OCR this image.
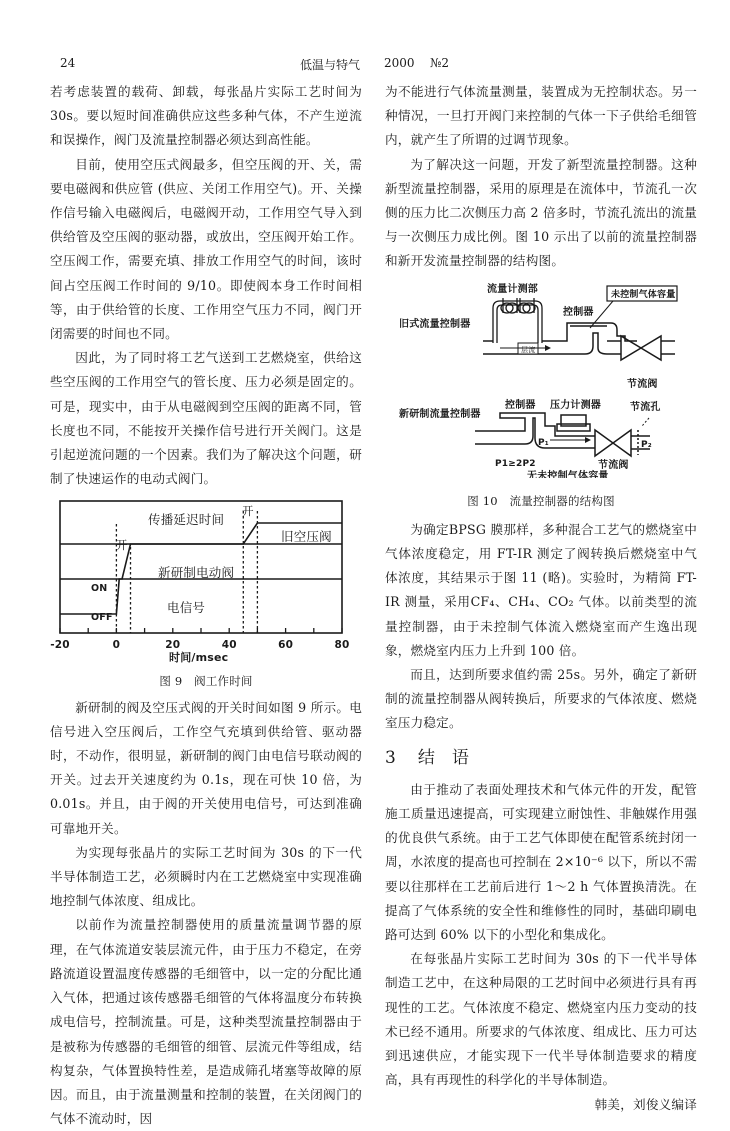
24	低温与特气 2000 №2

若考虑装置的载荷、卸载，每张晶片实际工艺时间为30s。要以短时间准确供应这些多种气体，不产生逆流和误操作，阀门及流量控制器必须达到高性能。

目前，使用空压式阀最多，但空压阀的开、关，需要电磁阀和供应管 (供应、关闭工作用空气)。开、关操作信号输入电磁阀后，电磁阀开动，工作用空气导入到供给管及空压阀的驱动器，或放出，空压阀开始工作。空压阀工作，需要充填、排放工作用空气的时间，该时间占空压阀工作时间的 9/10。即使阀本身工作时间相等，由于供给管的长度、工作用空气压力不同，阀门开闭需要的时间也不同。

因此，为了同时将工艺气送到工艺燃烧室，供给这些空压阀的工作用空气的管长度、压力必须是固定的。可是，现实中，由于从电磁阀到空压阀的距离不同，管长度也不同，不能按开关操作信号进行开关阀门。这是引起逆流问题的一个因素。我们为了解决这个问题，研制了快速运作的电动式阀门。

传播延迟时间
旧空压阀
新研制电动阀
电信号
开
开
ON
OFF
-20	0	20	40	60	80
时间/msec
图 9　阀工作时间

新研制的阀及空压式阀的开关时间如图 9 所示。电信号进入空压阀后，工作空气充填到供给管、驱动器时，不动作，很明显，新研制的阀门由电信号联动阀的开关。过去开关速度约为 0.1s，现在可快 10 倍，为 0.01s。并且，由于阀的开关使用电信号，可达到准确可靠地开关。

为实现每张晶片的实际工艺时间为 30s 的下一代半导体制造工艺，必须瞬时内在工艺燃烧室中实现准确地控制气体浓度、组成比。

以前作为流量控制器使用的质量流量调节器的原理，在气体流道安装层流元件，由于压力不稳定，在旁路流道设置温度传感器的毛细管中，以一定的分配比通入气体，把通过该传感器毛细管的气体将温度分布转换成电信号，控制流量。可是，这种类型流量控制器由于是被称为传感器的毛细管的细管、层流元件等组成，结构复杂，气体置换特性差，是造成筛孔堵塞等故障的原因。而且，由于流量测量和控制的装置，在关闭阀门的气体不流动时，因

为不能进行气体流量测量，装置成为无控制状态。另一种情况，一旦打开阀门来控制的气体一下子供给毛细管内，就产生了所谓的过调节现象。

为了解决这一问题，开发了新型流量控制器。这种新型流量控制器，采用的原理是在流体中，节流孔一次侧的压力比二次侧压力高 2 倍多时，节流孔流出的流量与一次侧压力成比例。图 10 示出了以前的流量控制器和新开发流量控制器的结构图。

旧式流量控制器
流量计测部
层流
控制器
未控制气体容量
节流阀
新研制流量控制器
控制器 压力计测器	节流孔
P₁	P₂
P1≥2P2	节流阀
无未控制气体容量
图 10　流量控制器的结构图

为确定BPSG 膜那样，多种混合工艺气的燃烧室中气体浓度稳定，用 FT-IR 测定了阀转换后燃烧室中气体浓度，其结果示于图 11 (略)。实验时，为精简 FT-IR 测量，采用CF₄、CH₄、CO₂ 气体。以前类型的流量控制器，由于未控制气体流入燃烧室而产生逸出现象，燃烧室内压力上升到 100 倍。

而且，达到所要求值约需 25s。另外，确定了新研制的流量控制器从阀转换后，所要求的气体浓度、燃烧室压力稳定。

3 结　语

由于推动了表面处理技术和气体元件的开发，配管施工质量迅速提高，可实现建立耐蚀性、非触媒作用强的优良供气系统。由于工艺气体即使在配管系统封闭一周，水浓度的提高也可控制在 2×10⁻⁶ 以下，所以不需要以往那样在工艺前后进行 1～2 h 气体置换清洗。在提高了气体系统的安全性和维修性的同时，基础印刷电路可达到 60% 以下的小型化和集成化。

在每张晶片实际工艺时间为 30s 的下一代半导体制造工艺中，在这种局限的工艺时间中必须进行具有再现性的工艺。气体浓度不稳定、燃烧室内压力变动的技术已经不通用。所要求的气体浓度、组成比、压力可达到迅速供应，才能实现下一代半导体制造要求的精度高，具有再现性的科学化的半导体制造。
韩美，刘俊义编译
